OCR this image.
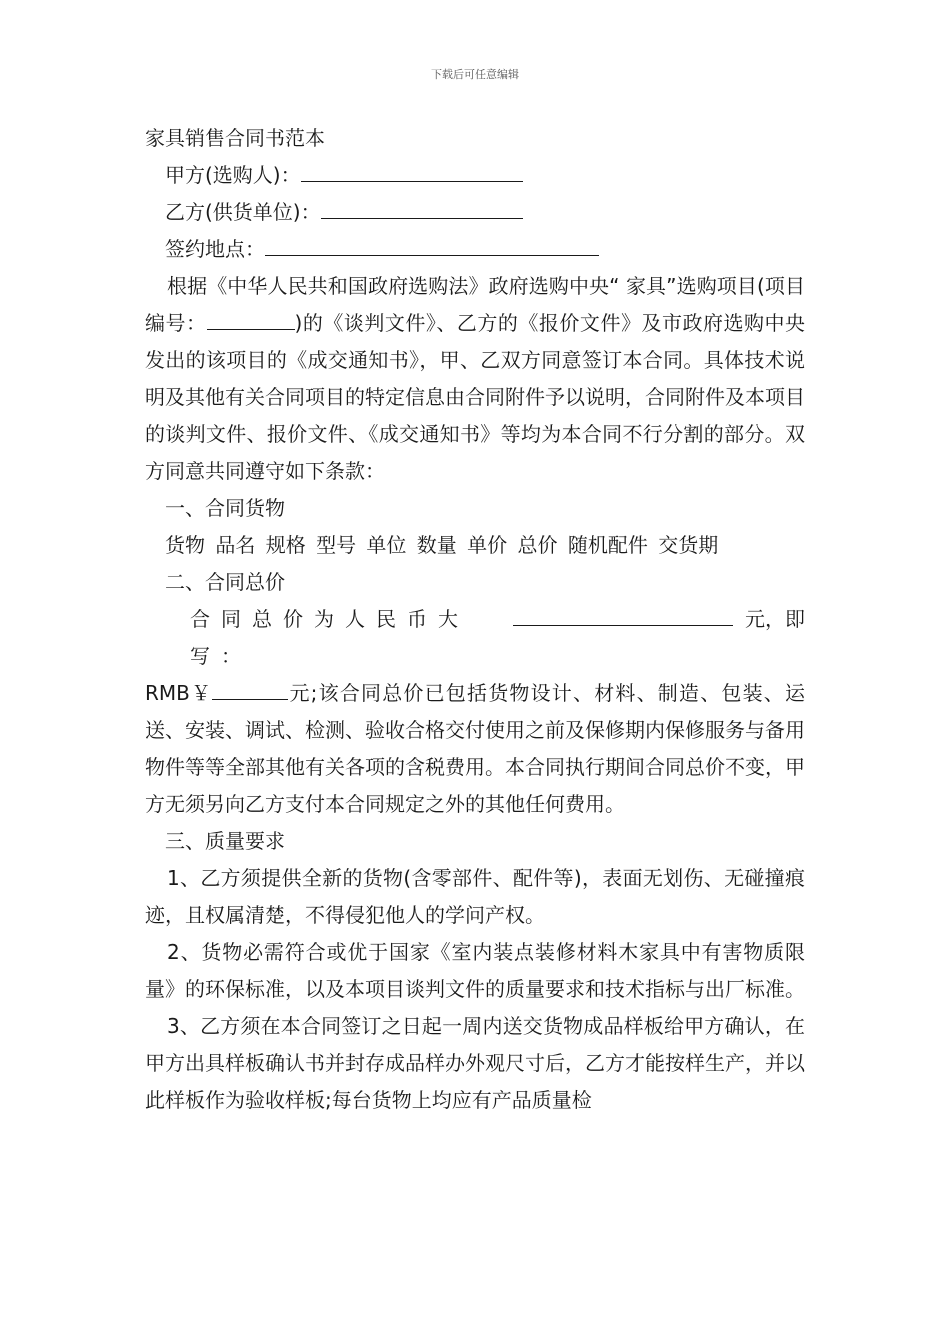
下载后可任意编辑
家具销售合同书范本
甲方(选购人)：
乙方(供货单位)：
签约地点：
根据《中华人民共和国政府选购法》政府选购中央“ 家具”选购项目(项目编号：	)的《谈判文件》、乙方的《报价文件》及市政府选购中央发出的该项目的《成交通知书》，甲、乙双方同意签订本合同。具体技术说明及其他有关合同项目的特定信息由合同附件予以说明，合同附件及本项目的谈判文件、报价文件、《成交通知书》等均为本合同不行分割的部分。双方同意共同遵守如下条款：
一、合同货物
货物 品名 规格 型号 单位 数量 单价 总价 随机配件 交货期
二、合同总价
合同总价为人民币大写：
元， 即
RMB￥	元;该合同总价已包括货物设计、材料、制造、包装、运送、安装、调试、检测、验收合格交付使用之前及保修期内保修服务与备用物件等等全部其他有关各项的含税费用。本合同执行期间合同总价不变，甲方无须另向乙方支付本合同规定之外的其他任何费用。
三、质量要求
1、乙方须提供全新的货物(含零部件、配件等)，表面无划伤、无碰撞痕迹，且权属清楚，不得侵犯他人的学问产权。
2、货物必需符合或优于国家《室内装点装修材料木家具中有害物质限量》的环保标准，以及本项目谈判文件的质量要求和技术指标与出厂标准。
3、乙方须在本合同签订之日起一周内送交货物成品样板给甲方确认，在甲方出具样板确认书并封存成品样办外观尺寸后，乙方才能按样生产，并以此样板作为验收样板;每台货物上均应有产品质量检
